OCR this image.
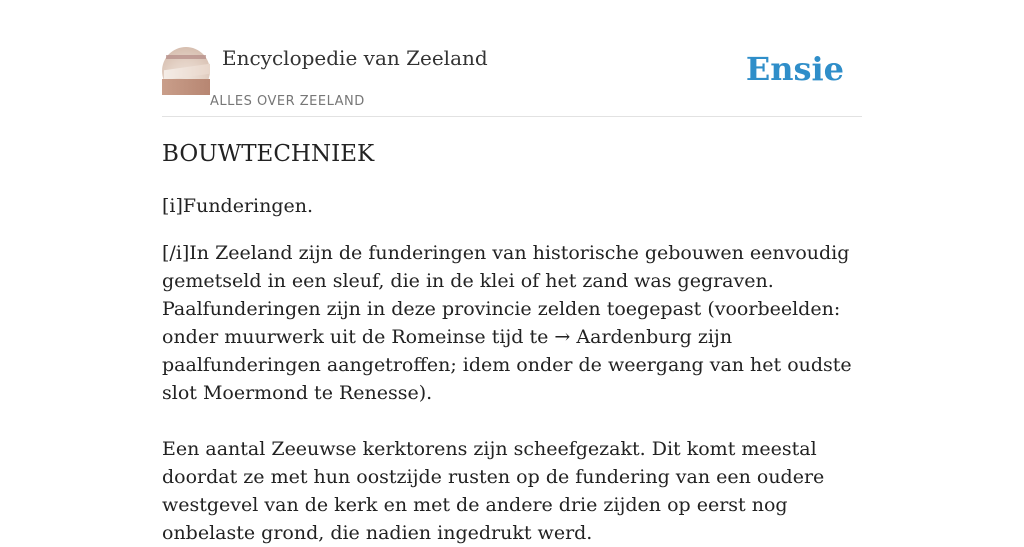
Encyclopedie van Zeeland
ALLES OVER ZEELAND
Ensie
BOUWTECHNIEK

[i]Funderingen.

[/i]In Zeeland zijn de funderingen van historische gebouwen eenvoudig gemetseld in een sleuf, die in de klei of het zand was gegraven. Paalfunderingen zijn in deze provincie zelden toegepast (voorbeelden: onder muurwerk uit de Romeinse tijd te → Aardenburg zijn paalfunderingen aangetroffen; idem onder de weergang van het oudste slot Moermond te Renesse).

Een aantal Zeeuwse kerktorens zijn scheefgezakt. Dit komt meestal doordat ze met hun oostzijde rusten op de fundering van een oudere westgevel van de kerk en met de andere drie zijden op eerst nog onbelaste grond, die nadien ingedrukt werd.
